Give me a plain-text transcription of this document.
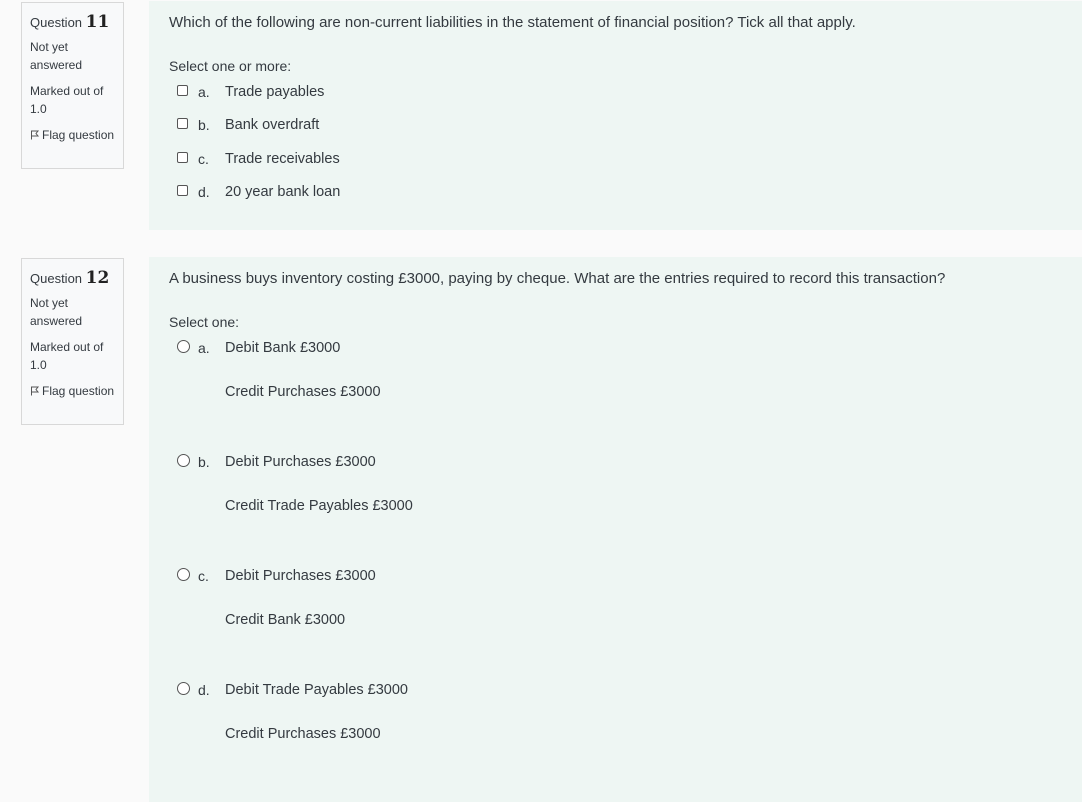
Question 11
Not yet answered
Marked out of
1.0
Flag question

Which of the following are non-current liabilities in the statement of financial position? Tick all that apply.

Select one or more:
a. Trade payables
b. Bank overdraft
c. Trade receivables
d. 20 year bank loan
Question 12
Not yet answered
Marked out of
1.0
Flag question

A business buys inventory costing £3000, paying by cheque. What are the entries required to record this transaction?

Select one:
a. Debit Bank £3000
Credit Purchases £3000
b. Debit Purchases £3000
Credit Trade Payables £3000
c. Debit Purchases £3000
Credit Bank £3000
d. Debit Trade Payables £3000
Credit Purchases £3000
